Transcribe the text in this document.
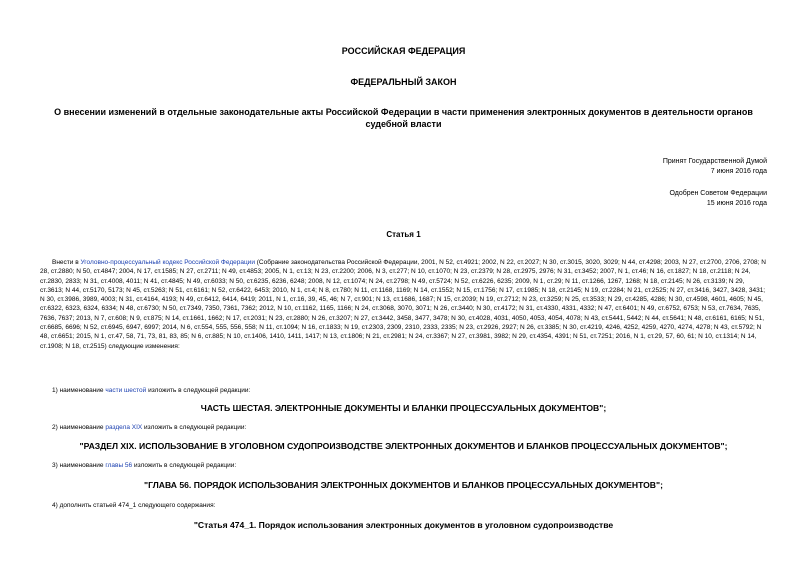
РОССИЙСКАЯ ФЕДЕРАЦИЯ
ФЕДЕРАЛЬНЫЙ ЗАКОН
О внесении изменений в отдельные законодательные акты Российской Федерации в части применения электронных документов в деятельности органов
судебной власти
Принят Государственной Думой
7 июня 2016 года
Одобрен Советом Федерации
15 июня 2016 года
Статья 1
Внести в Уголовно-процессуальный кодекс Российской Федерации (Собрание законодательства Российской Федерации, 2001, N 52, ст.4921; 2002, N 22, ст.2027; N 30, ст.3015, 3020, 3029; N 44, ст.4298; 2003, N 27, ст.2700, 2706, 2708; N 28, ст.2880; N 50, ст.4847; 2004, N 17, ст.1585; N 27, ст.2711; N 49, ст.4853; 2005, N 1, ст.13; N 23, ст.2200; 2006, N 3, ст.277; N 10, ст.1070; N 23, ст.2379; N 28, ст.2975, 2976; N 31, ст.3452; 2007, N 1, ст.46; N 16, ст.1827; N 18, ст.2118; N 24, ст.2830, 2833; N 31, ст.4008, 4011; N 41, ст.4845; N 49, ст.6033; N 50, ст.6235, 6236, 6248; 2008, N 12, ст.1074; N 24, ст.2798; N 49, ст.5724; N 52, ст.6226, 6235; 2009, N 1, ст.29; N 11, ст.1266, 1267, 1268; N 18, ст.2145; N 26, ст.3139; N 29, ст.3613; N 44, ст.5170, 5173; N 45, ст.5263; N 51, ст.6161; N 52, ст.6422, 6453; 2010, N 1, ст.4; N 8, ст.780; N 11, ст.1168, 1169; N 14, ст.1552; N 15, ст.1756; N 17, ст.1985; N 18, ст.2145; N 19, ст.2284; N 21, ст.2525; N 27, ст.3416, 3427, 3428, 3431; N 30, ст.3986, 3989, 4003; N 31, ст.4164, 4193; N 49, ст.6412, 6414, 6419; 2011, N 1, ст.16, 39, 45, 46; N 7, ст.901; N 13, ст.1686, 1687; N 15, ст.2039; N 19, ст.2712; N 23, ст.3259; N 25, ст.3533; N 29, ст.4285, 4286; N 30, ст.4598, 4601, 4605; N 45, ст.6322, 6323, 6324, 6334; N 48, ст.6730; N 50, ст.7349, 7350, 7361, 7362; 2012, N 10, ст.1162, 1165, 1166; N 24, ст.3068, 3070, 3071; N 26, ст.3440; N 30, ст.4172; N 31, ст.4330, 4331, 4332; N 47, ст.6401; N 49, ст.6752, 6753; N 53, ст.7634, 7635, 7636, 7637; 2013, N 7, ст.608; N 9, ст.875; N 14, ст.1661, 1662; N 17, ст.2031; N 23, ст.2880; N 26, ст.3207; N 27, ст.3442, 3458, 3477, 3478; N 30, ст.4028, 4031, 4050, 4053, 4054, 4078; N 43, ст.5441, 5442; N 44, ст.5641; N 48, ст.6161, 6165; N 51, ст.6685, 6696; N 52, ст.6945, 6947, 6997; 2014, N 6, ст.554, 555, 556, 558; N 11, ст.1094; N 16, ст.1833; N 19, ст.2303, 2309, 2310, 2333, 2335; N 23, ст.2926, 2927; N 26, ст.3385; N 30, ст.4219, 4246, 4252, 4259, 4270, 4274, 4278; N 43, ст.5792; N 48, ст.6651; 2015, N 1, ст.47, 58, 71, 73, 81, 83, 85; N 6, ст.885; N 10, ст.1406, 1410, 1411, 1417; N 13, ст.1806; N 21, ст.2981; N 24, ст.3367; N 27, ст.3981, 3982; N 29, ст.4354, 4391; N 51, ст.7251; 2016, N 1, ст.29, 57, 60, 61; N 10, ст.1314; N 14, ст.1908; N 18, ст.2515) следующие изменения:
1) наименование части шестой изложить в следующей редакции:
ЧАСТЬ ШЕСТАЯ. ЭЛЕКТРОННЫЕ ДОКУМЕНТЫ И БЛАНКИ ПРОЦЕССУАЛЬНЫХ ДОКУМЕНТОВ";
2) наименование раздела XIX изложить в следующей редакции:
"РАЗДЕЛ XIX. ИСПОЛЬЗОВАНИЕ В УГОЛОВНОМ СУДОПРОИЗВОДСТВЕ ЭЛЕКТРОННЫХ ДОКУМЕНТОВ И БЛАНКОВ ПРОЦЕССУАЛЬНЫХ ДОКУМЕНТОВ";
3) наименование главы 56 изложить в следующей редакции:
"ГЛАВА 56. ПОРЯДОК ИСПОЛЬЗОВАНИЯ ЭЛЕКТРОННЫХ ДОКУМЕНТОВ И БЛАНКОВ ПРОЦЕССУАЛЬНЫХ ДОКУМЕНТОВ";
4) дополнить статьей 474_1 следующего содержания:
"Статья 474_1. Порядок использования электронных документов в уголовном судопроизводстве
